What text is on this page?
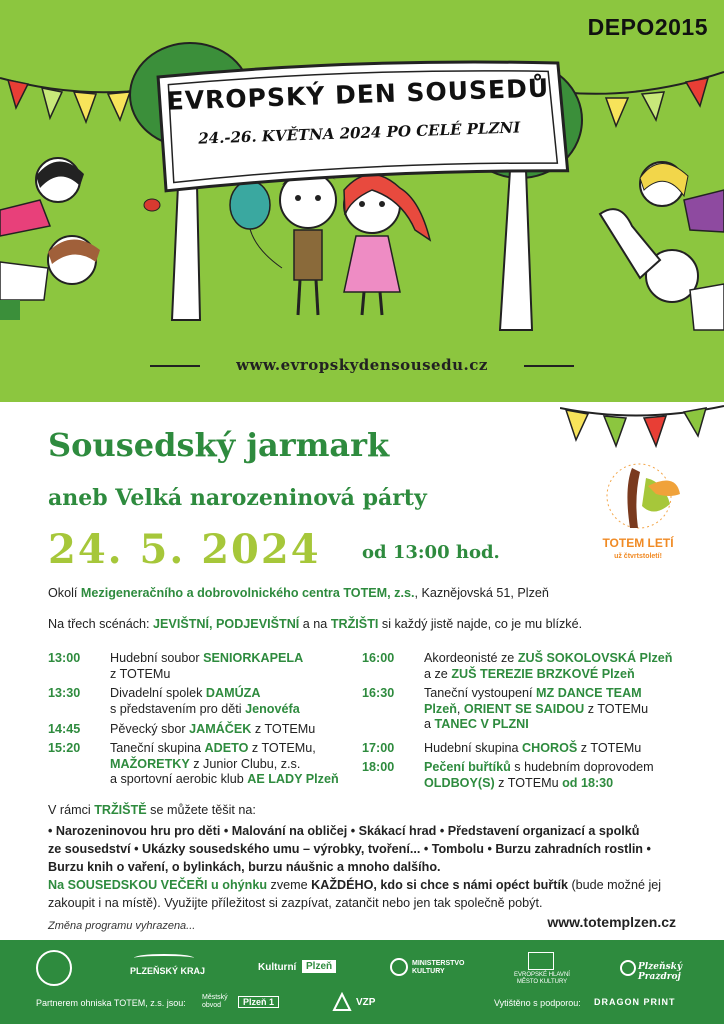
DEPO2015
EVROPSKÝ DEN SOUSEDŮ
24.-26. KVĚTNA 2024 PO CELÉ PLZNI
www.evropskydensousedu.cz
Sousedský jarmark
aneb Velká narozeninová párty
24. 5. 2024 od 13:00 hod.	TOTEM LETÍ
už čtvrtstoletí!
Okolí Mezigeneračního a dobrovolnického centra TOTEM, z.s., Kaznějovská 51, Plzeň
Na třech scénách: JEVIŠTNÍ, PODJEVIŠTNÍ a na TRŽIŠTI si každý jistě najde, co je mu blízké.
13:00 Hudební soubor SENIORKAPELA
z TOTEMu
13:30 Divadelní spolek DAMÚZA
s představením pro děti Jenovéfa
14:45 Pěvecký sbor JAMÁČEK z TOTEMu
15:20 Taneční skupina ADETO z TOTEMu,
MAŽORETKY z Junior Clubu, z.s.
a sportovní aerobic klub AE LADY Plzeň
16:00 Akordeonisté ze ZUŠ SOKOLOVSKÁ Plzeň
a ze ZUŠ TEREZIE BRZKOVÉ Plzeň
16:30 Taneční vystoupení MZ DANCE TEAM
Plzeň, ORIENT SE SAIDOU z TOTEMu
a TANEC V PLZNI
17:00 Hudební skupina CHOROŠ z TOTEMu
18:00 Pečení buřtíků s hudebním doprovodem
OLDBOY(S) z TOTEMu od 18:30
V rámci TRŽIŠTĚ se můžete těšit na:
• Narozeninovou hru pro děti • Malování na obličej • Skákací hrad • Představení organizací a spolků
ze sousedství • Ukázky sousedského umu – výrobky, tvoření... • Tombolu • Burzu zahradních rostlin •
Burzu knih o vaření, o bylinkách, burzu náušnic a mnoho dalšího.
Na SOUSEDSKOU VEČEŘI u ohýnku zveme KAŽDÉHO, kdo si chce s námi opéct buřtík (bude možné jej
zakoupit i na místě). Využijte příležitost si zazpívat, zatančit nebo jen tak společně pobýt.
Změna programu vyhrazena...	www.totemplzen.cz
PLZEŇSKÝ KRAJ	Kulturní Plzeň	MINISTERSTVO KULTURY	EVROPSKÉ HLAVNÍ MĚSTO KULTURY
Plzeňský Prazdroj
Partnerem ohniska TOTEM, z.s. jsou:
Městský obvod	Plzeň 1	VZP	Vytištěno s podporou: DRAGON PRINT
